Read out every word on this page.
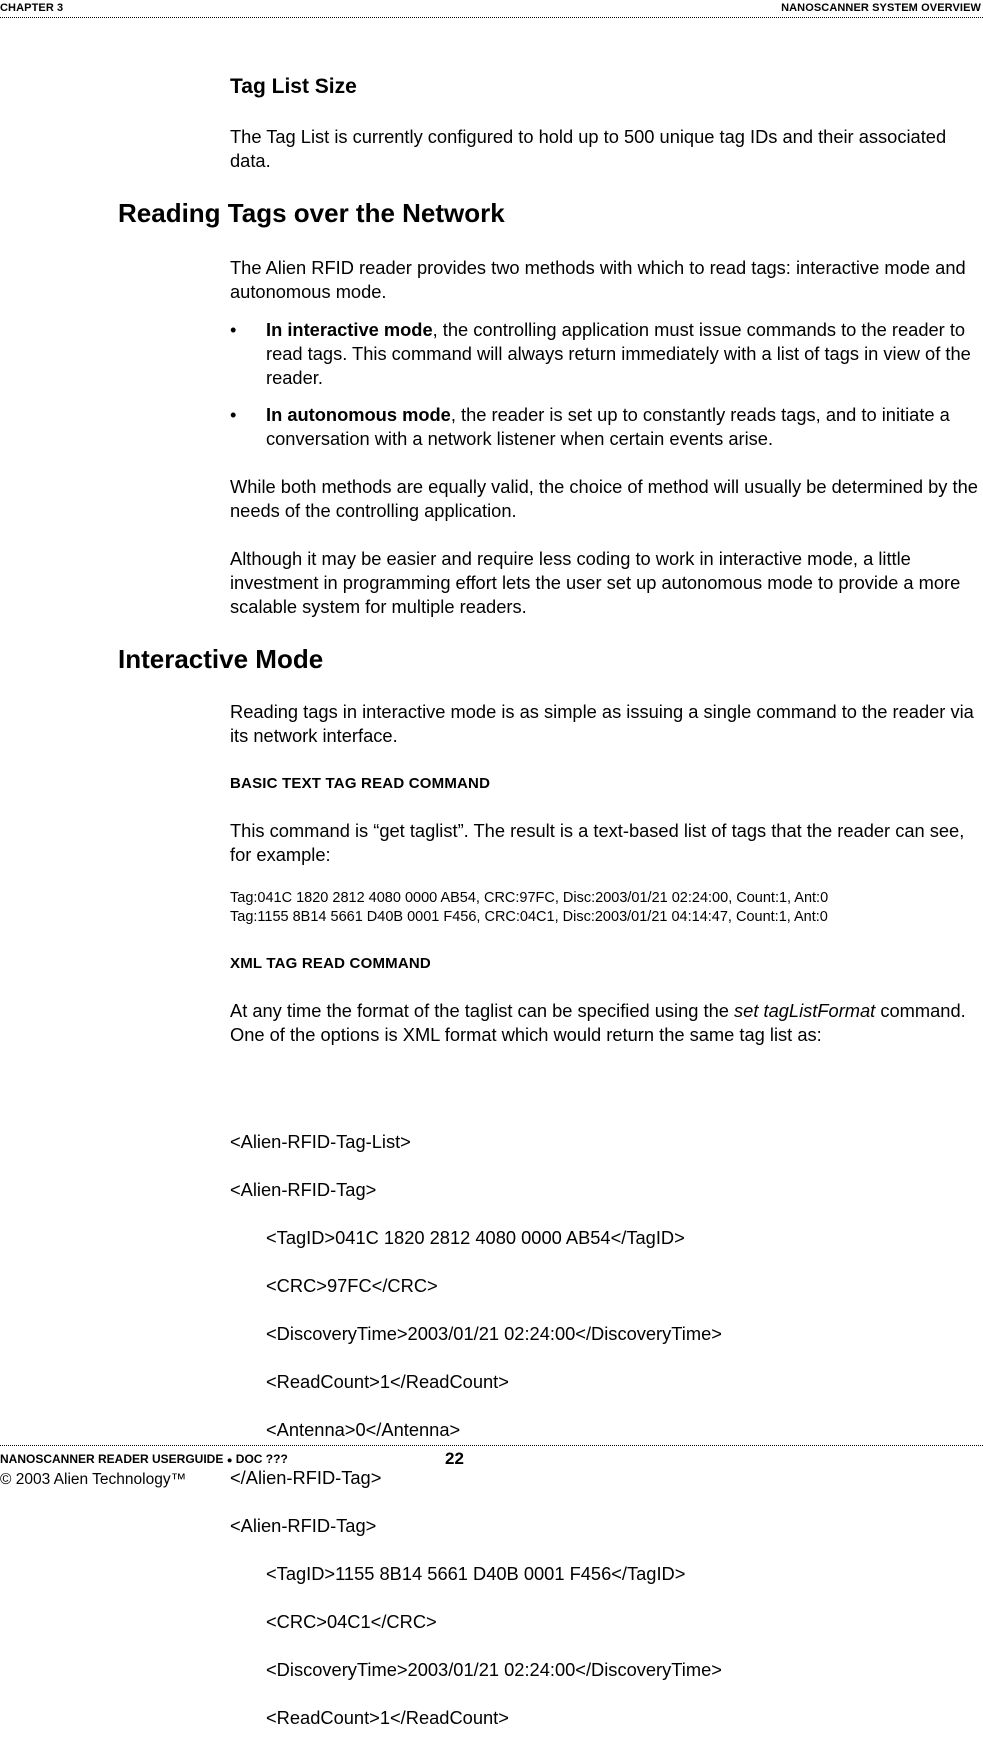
CHAPTER 3	NANOSCANNER SYSTEM OVERVIEW
Tag List Size
The Tag List is currently configured to hold up to 500 unique tag IDs and their associated data.
Reading Tags over the Network
The Alien RFID reader provides two methods with which to read tags: interactive mode and autonomous mode.
• In interactive mode, the controlling application must issue commands to the reader to read tags. This command will always return immediately with a list of tags in view of the reader.
• In autonomous mode, the reader is set up to constantly reads tags, and to initiate a conversation with a network listener when certain events arise.
While both methods are equally valid, the choice of method will usually be determined by the needs of the controlling application.
Although it may be easier and require less coding to work in interactive mode, a little investment in programming effort lets the user set up autonomous mode to provide a more scalable system for multiple readers.
Interactive Mode
Reading tags in interactive mode is as simple as issuing a single command to the reader via its network interface.
BASIC TEXT TAG READ COMMAND
This command is “get taglist”. The result is a text-based list of tags that the reader can see, for example:
Tag:041C 1820 2812 4080 0000 AB54, CRC:97FC, Disc:2003/01/21 02:24:00, Count:1, Ant:0
Tag:1155 8B14 5661 D40B 0001 F456, CRC:04C1, Disc:2003/01/21 04:14:47, Count:1, Ant:0
XML TAG READ COMMAND
At any time the format of the taglist can be specified using the set tagListFormat command. One of the options is XML format which would return the same tag list as:

<Alien-RFID-Tag-List>

<Alien-RFID-Tag>

<TagID>041C 1820 2812 4080 0000 AB54</TagID>

<CRC>97FC</CRC>

<DiscoveryTime>2003/01/21 02:24:00</DiscoveryTime>

<ReadCount>1</ReadCount>

<Antenna>0</Antenna>

</Alien-RFID-Tag>

<Alien-RFID-Tag>

<TagID>1155 8B14 5661 D40B 0001 F456</TagID>

<CRC>04C1</CRC>

<DiscoveryTime>2003/01/21 02:24:00</DiscoveryTime>

<ReadCount>1</ReadCount>

NANOSCANNER READER USERGUIDE ● DOC ???	22
© 2003 Alien Technology™
